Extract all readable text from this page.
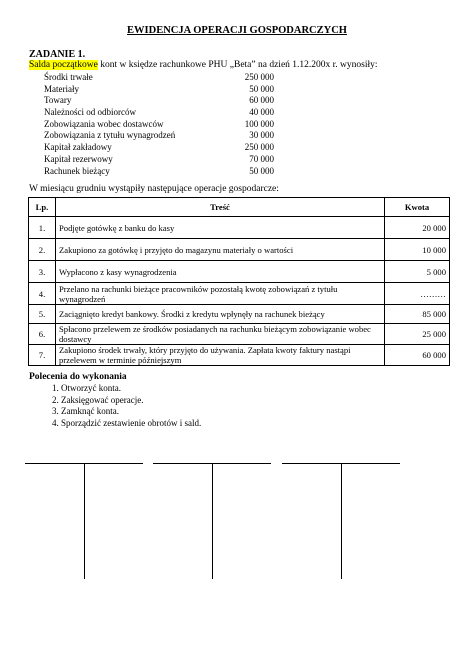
EWIDENCJA OPERACJI GOSPODARCZYCH
ZADANIE 1.
Salda początkowe kont w księdze rachunkowe PHU „Beta” na dzień 1.12.200x r. wynosiły:
Środki trwałe	250 000
Materiały	50 000
Towary	60 000
Należności od odbiorców	40 000
Zobowiązania wobec dostawców	100 000
Zobowiązania z tytułu wynagrodzeń	30 000
Kapitał zakładowy	250 000
Kapitał rezerwowy	70 000
Rachunek bieżący	50 000
W miesiącu grudniu wystąpiły następujące operacje gospodarcze:
Lp.	Treść	Kwota
1.	Podjęte gotówkę z banku do kasy	20 000
2.	Zakupiono za gotówkę i przyjęto do magazynu materiały o wartości	10 000
3.	Wypłacono z kasy wynagrodzenia	5 000
4.	Przelano na rachunki bieżące pracowników pozostałą kwotę zobowiązań z tytułu wynagrodzeń	………
5.	Zaciągnięto kredyt bankowy. Środki z kredytu wpłynęły na rachunek bieżący	85 000
6.	Spłacono przelewem ze środków posiadanych na rachunku bieżącym zobowiązanie wobec dostawcy	25 000
7.	Zakupiono środek trwały, który przyjęto do używania. Zapłata kwoty faktury nastąpi przelewem w terminie późniejszym	60 000
Polecenia do wykonania
1. Otworzyć konta.
2. Zaksięgować operacje.
3. Zamknąć konta.
4. Sporządzić zestawienie obrotów i sald.
